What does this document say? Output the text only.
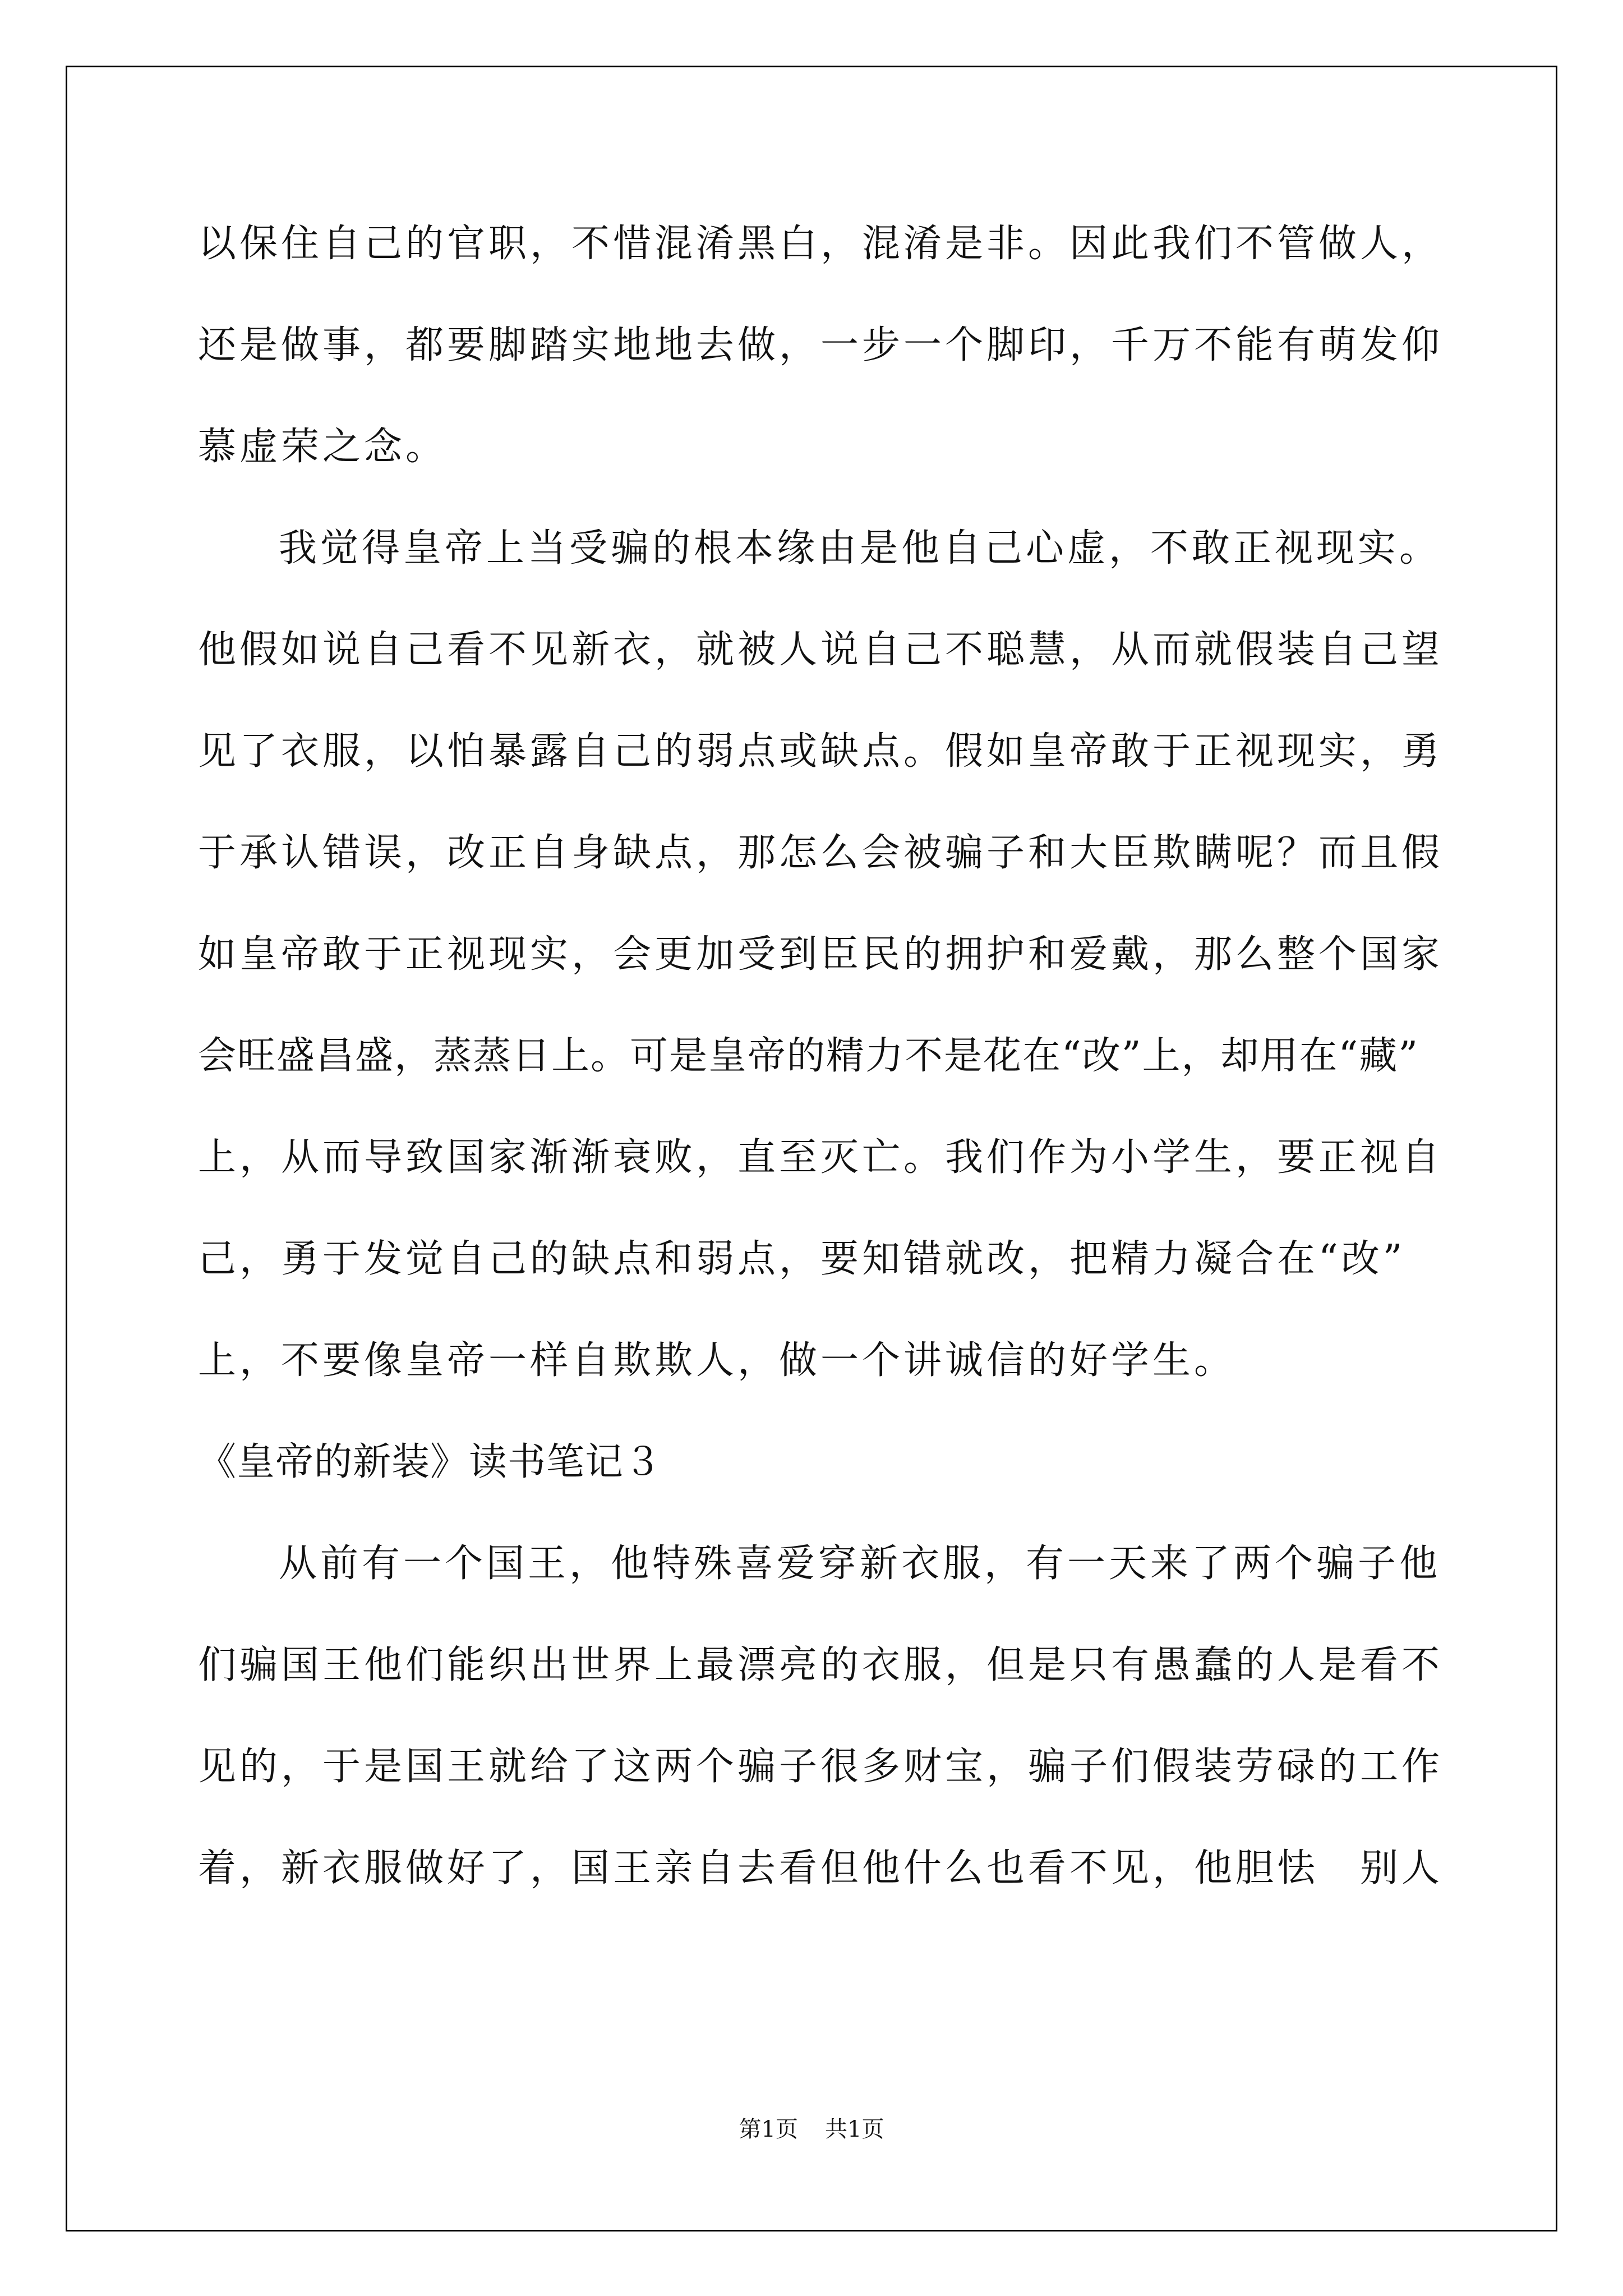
以保住自己的官职，不惜混淆黑白，混淆是非。因此我们不管做人，
还是做事，都要脚踏实地地去做，一步一个脚印，千万不能有萌发仰
慕虚荣之念。
我觉得皇帝上当受骗的根本缘由是他自己心虚，不敢正视现实。
他假如说自己看不见新衣，就被人说自己不聪慧，从而就假装自己望
见了衣服，以怕暴露自己的弱点或缺点。假如皇帝敢于正视现实，勇
于承认错误，改正自身缺点，那怎么会被骗子和大臣欺瞒呢？而且假
如皇帝敢于正视现实，会更加受到臣民的拥护和爱戴，那么整个国家
会旺盛昌盛，蒸蒸日上。可是皇帝的精力不是花在“改”上，却用在“藏”
上，从而导致国家渐渐衰败，直至灭亡。我们作为小学生，要正视自
己，勇于发觉自己的缺点和弱点，要知错就改，把精力凝合在“改”
上，不要像皇帝一样自欺欺人，做一个讲诚信的好学生。
《皇帝的新装》读书笔记３
从前有一个国王，他特殊喜爱穿新衣服，有一天来了两个骗子他
们骗国王他们能织出世界上最漂亮的衣服，但是只有愚蠢的人是看不
见的，于是国王就给了这两个骗子很多财宝，骗子们假装劳碌的工作
着，新衣服做好了，国王亲自去看但他什么也看不见，他胆怯　别人
第1页 共1页
